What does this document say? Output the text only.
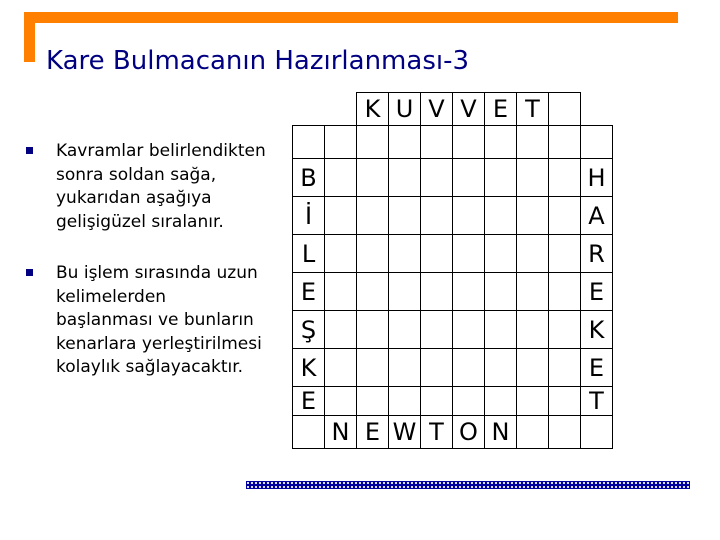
Kare Bulmacanın Hazırlanması-3
Kavramlar belirlendikten sonra soldan sağa, yukarıdan aşağıya gelişigüzel sıralanır.
Bu işlem sırasında uzun kelimelerden başlanması ve bunların kenarlara yerleştirilmesi kolaylık sağlayacaktır.
		K	U	V	V	E	T		

B									H
İ									A
L									R
E									E
Ş									K
K									E
E									T
	N	E	W	T	O	N			
